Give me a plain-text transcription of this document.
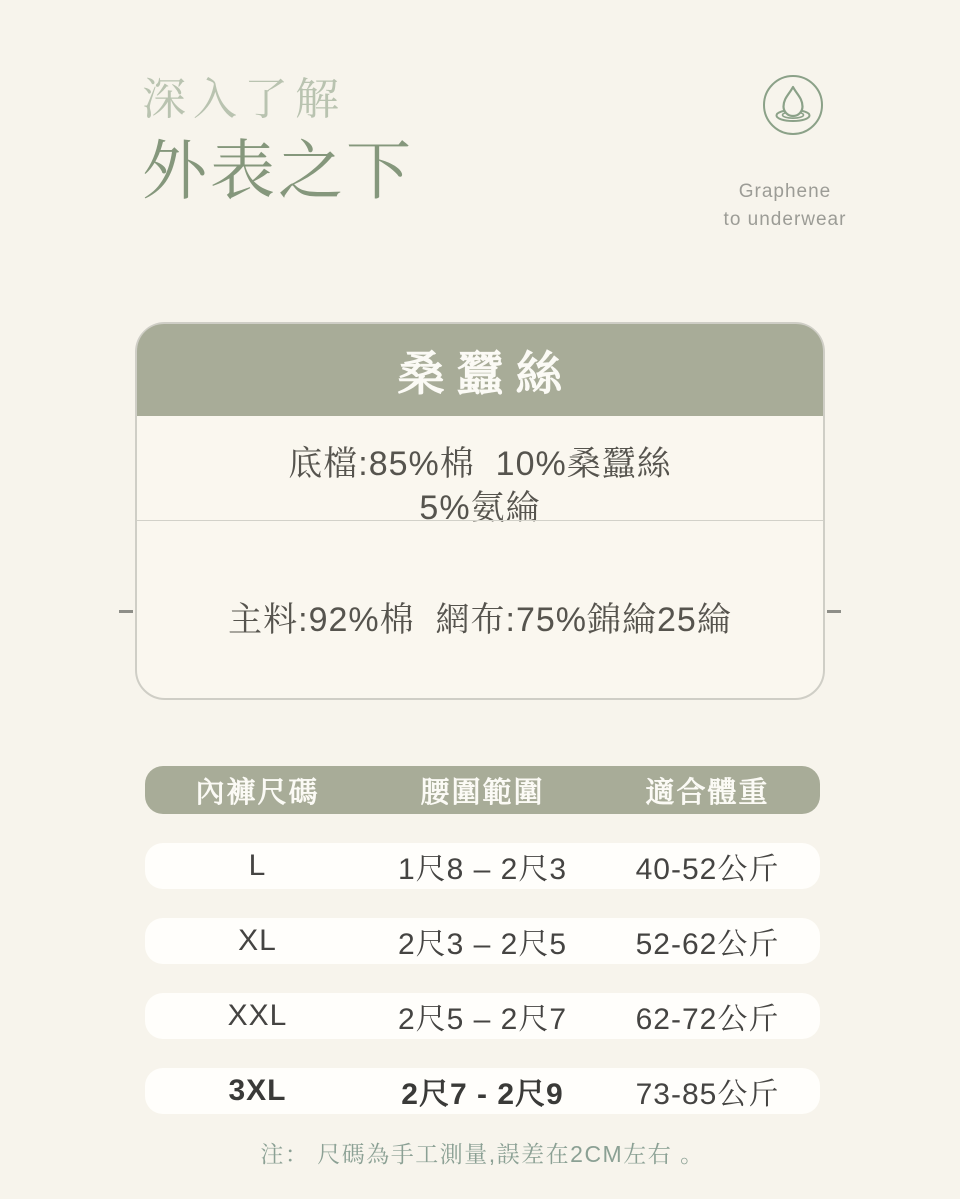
深入了解
外表之下	Graphene
to underwear
桑蠶絲
底檔:85%棉  10%桑蠶絲
5%氨綸
主料:92%棉  網布:75%錦綸25綸
內褲尺碼	腰圍範圍	適合體重
L	1尺8 – 2尺3	40-52公斤
XL	2尺3 – 2尺5	52-62公斤
XXL	2尺5 – 2尺7	62-72公斤
3XL	2尺7 - 2尺9	73-85公斤
注： 尺碼為手工測量,誤差在2CM左右 。
